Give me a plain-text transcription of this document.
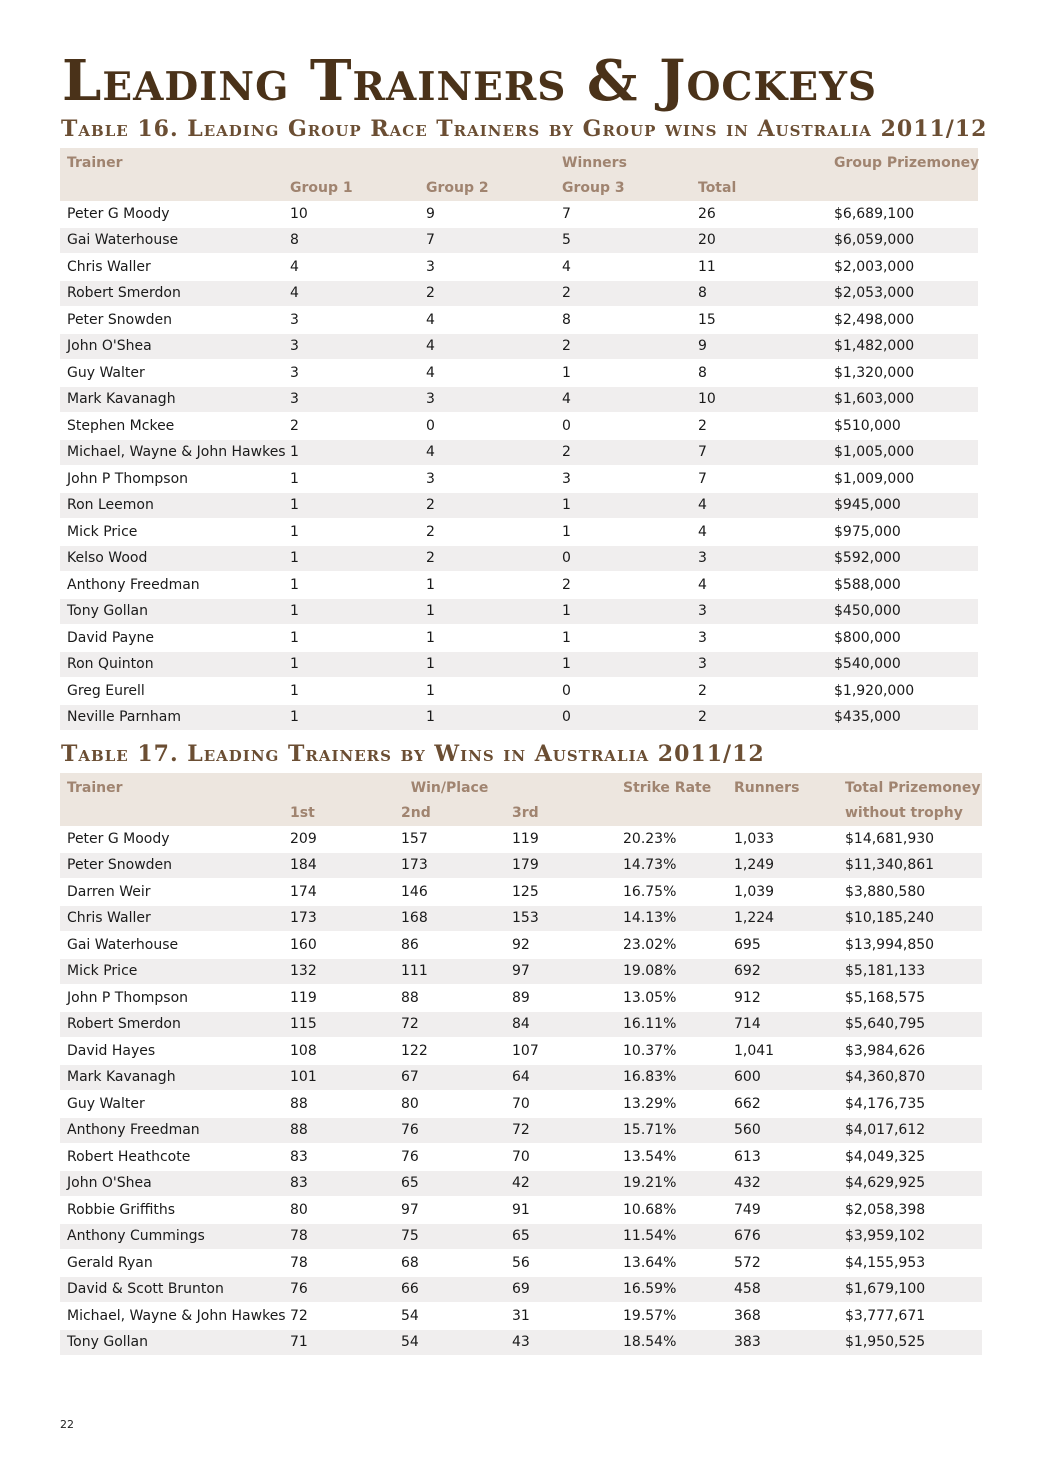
Leading Trainers & Jockeys
Table 16. Leading Group Race Trainers by Group wins in Australia 2011/12
Trainer			Winners		Group Prizemoney
	Group 1	Group 2	Group 3	Total	
Peter G Moody	10	9	7	26	$6,689,100
Gai Waterhouse	8	7	5	20	$6,059,000
Chris Waller	4	3	4	11	$2,003,000
Robert Smerdon	4	2	2	8	$2,053,000
Peter Snowden	3	4	8	15	$2,498,000
John O'Shea	3	4	2	9	$1,482,000
Guy Walter	3	4	1	8	$1,320,000
Mark Kavanagh	3	3	4	10	$1,603,000
Stephen Mckee	2	0	0	2	$510,000
Michael, Wayne & John Hawkes	1	4	2	7	$1,005,000
John P Thompson	1	3	3	7	$1,009,000
Ron Leemon	1	2	1	4	$945,000
Mick Price	1	2	1	4	$975,000
Kelso Wood	1	2	0	3	$592,000
Anthony Freedman	1	1	2	4	$588,000
Tony Gollan	1	1	1	3	$450,000
David Payne	1	1	1	3	$800,000
Ron Quinton	1	1	1	3	$540,000
Greg Eurell	1	1	0	2	$1,920,000
Neville Parnham	1	1	0	2	$435,000
Table 17. Leading Trainers by Wins in Australia 2011/12
Trainer		Win/Place		Strike Rate	Runners	Total Prizemoney
	1st	2nd	3rd			without trophy
Peter G Moody	209	157	119	20.23%	1,033	$14,681,930
Peter Snowden	184	173	179	14.73%	1,249	$11,340,861
Darren Weir	174	146	125	16.75%	1,039	$3,880,580
Chris Waller	173	168	153	14.13%	1,224	$10,185,240
Gai Waterhouse	160	86	92	23.02%	695	$13,994,850
Mick Price	132	111	97	19.08%	692	$5,181,133
John P Thompson	119	88	89	13.05%	912	$5,168,575
Robert Smerdon	115	72	84	16.11%	714	$5,640,795
David Hayes	108	122	107	10.37%	1,041	$3,984,626
Mark Kavanagh	101	67	64	16.83%	600	$4,360,870
Guy Walter	88	80	70	13.29%	662	$4,176,735
Anthony Freedman	88	76	72	15.71%	560	$4,017,612
Robert Heathcote	83	76	70	13.54%	613	$4,049,325
John O'Shea	83	65	42	19.21%	432	$4,629,925
Robbie Griffiths	80	97	91	10.68%	749	$2,058,398
Anthony Cummings	78	75	65	11.54%	676	$3,959,102
Gerald Ryan	78	68	56	13.64%	572	$4,155,953
David & Scott Brunton	76	66	69	16.59%	458	$1,679,100
Michael, Wayne & John Hawkes	72	54	31	19.57%	368	$3,777,671
Tony Gollan	71	54	43	18.54%	383	$1,950,525
22
